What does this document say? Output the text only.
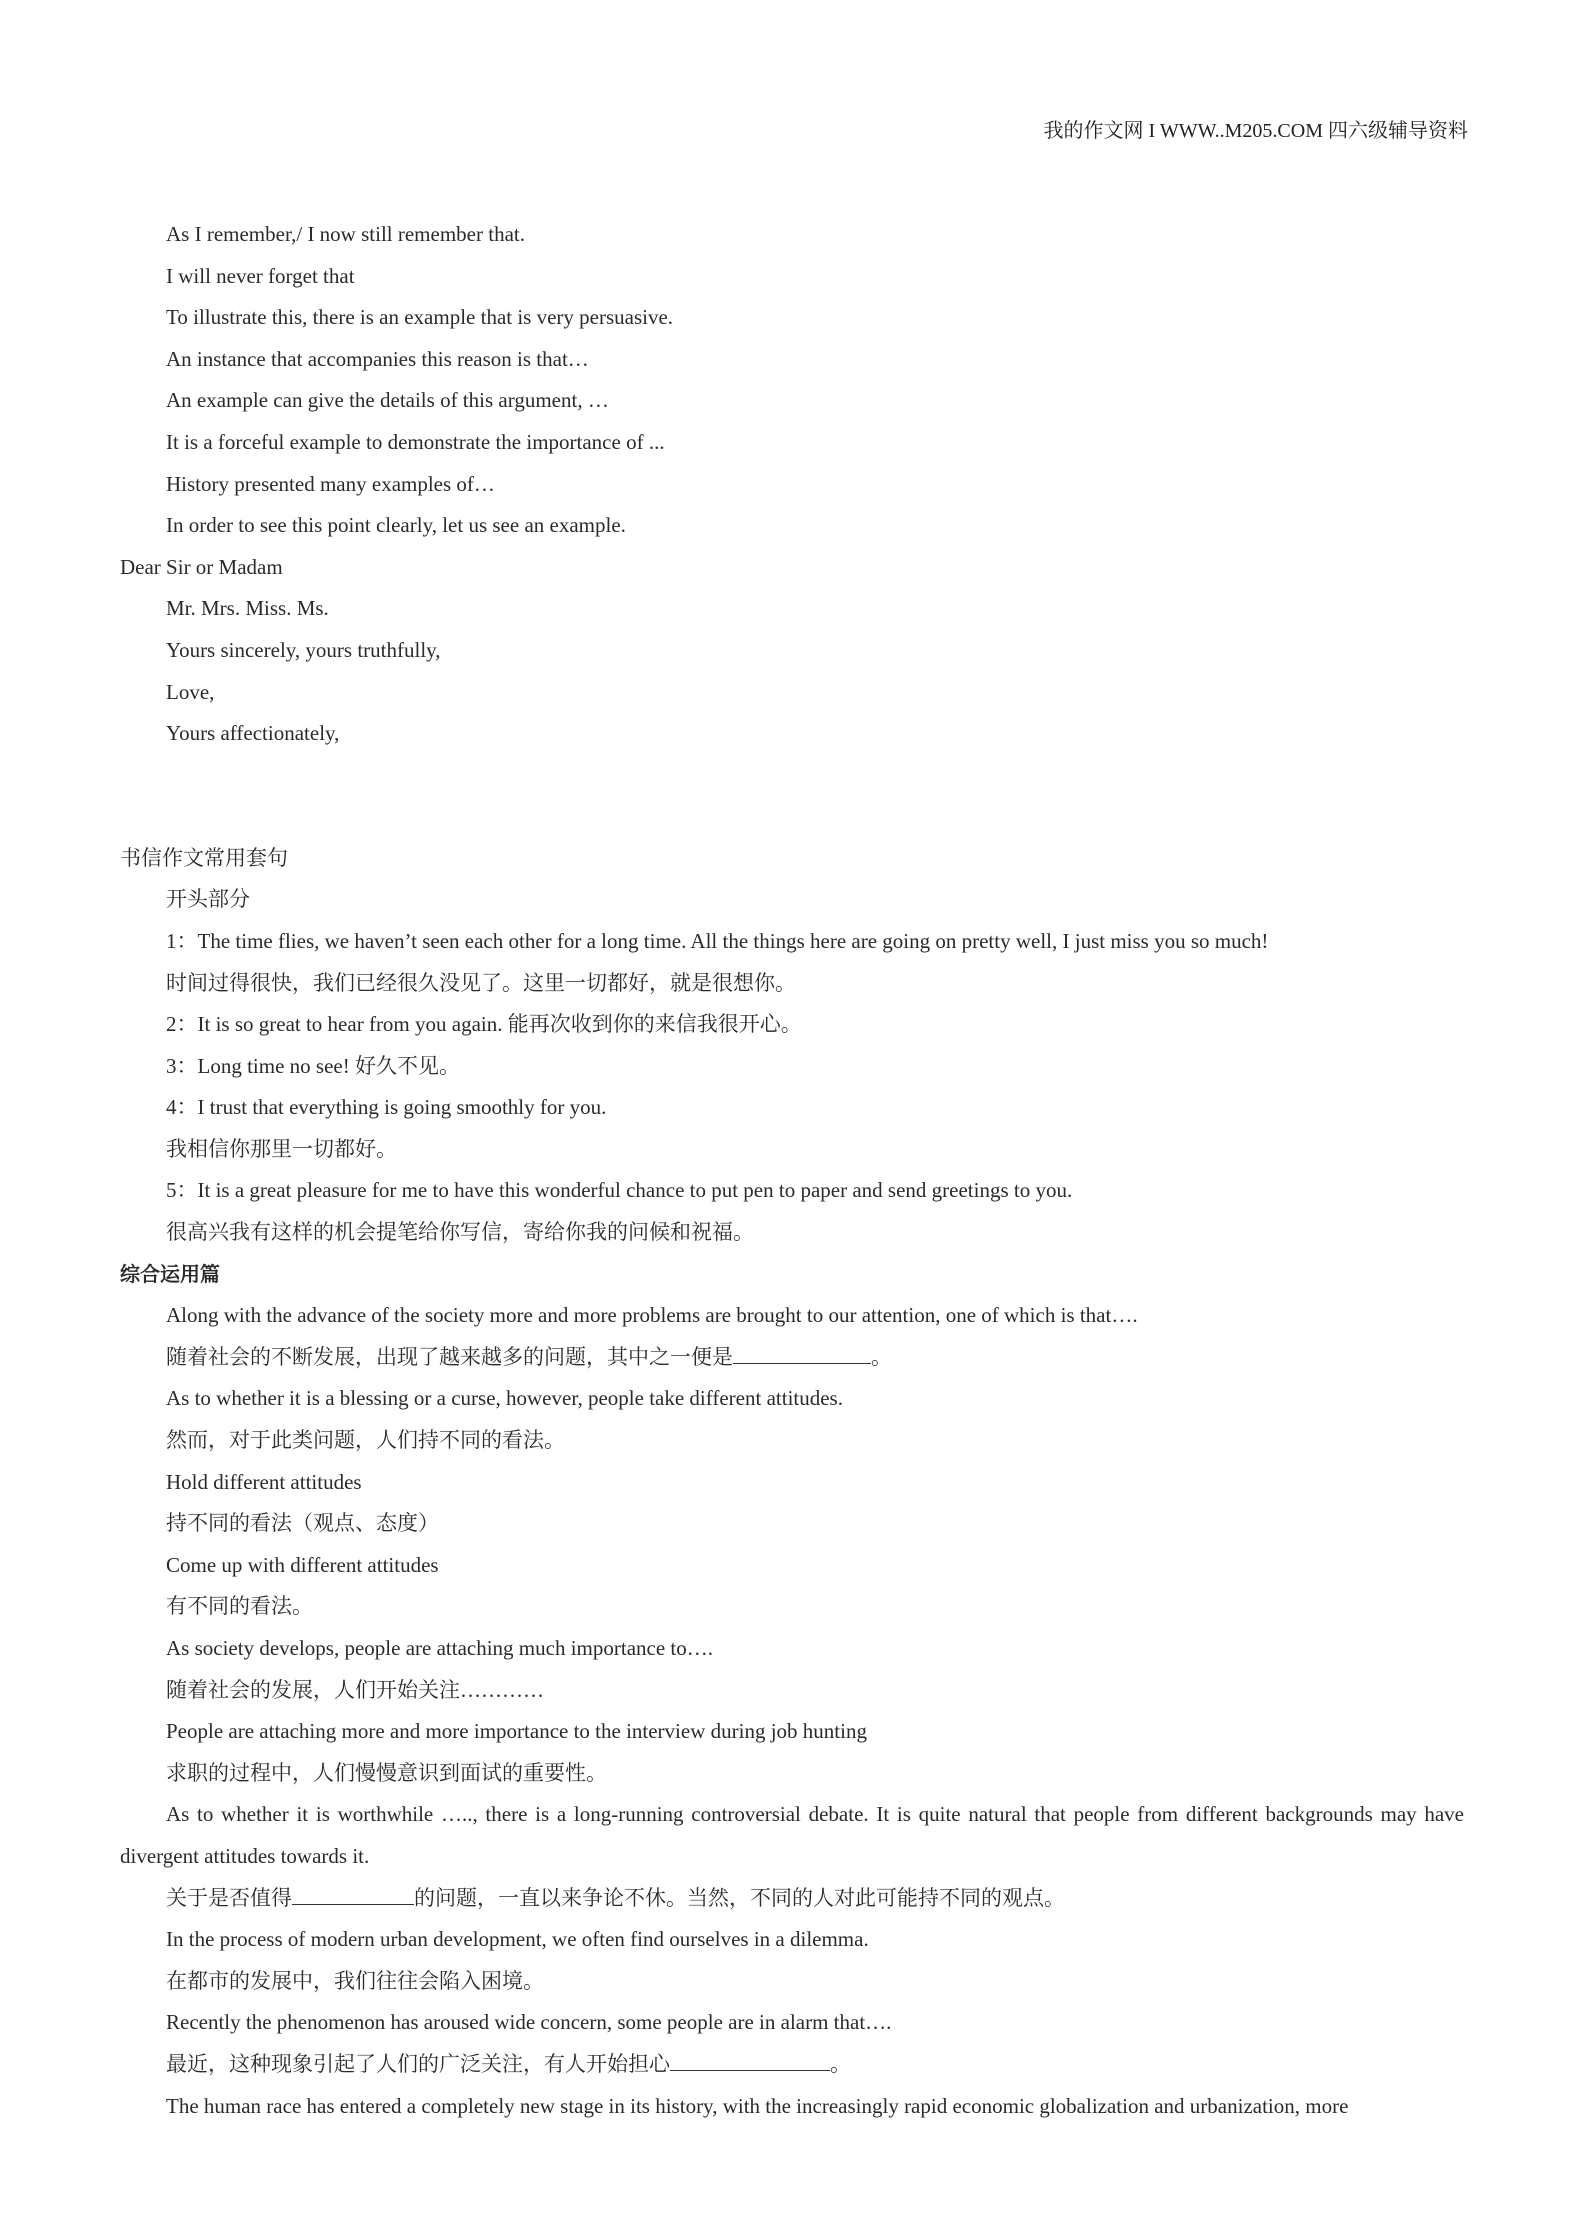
我的作文网 I WWW..M205.COM 四六级辅导资料
As I remember,/ I now still remember that.
I will never forget that
To illustrate this, there is an example that is very persuasive.
An instance that accompanies this reason is that…
An example can give the details of this argument, …
It is a forceful example to demonstrate the importance of ...
History presented many examples of…
In order to see this point clearly, let us see an example.
Dear Sir or Madam
Mr. Mrs. Miss. Ms.
Yours sincerely, yours truthfully,
Love,
Yours affectionately,
书信作文常用套句
开头部分
1：The time flies, we haven’t seen each other for a long time. All the things here are going on pretty well, I just miss you so much!
时间过得很快，我们已经很久没见了。这里一切都好，就是很想你。
2：It is so great to hear from you again. 能再次收到你的来信我很开心。
3：Long time no see! 好久不见。
4：I trust that everything is going smoothly for you.
我相信你那里一切都好。
5：It is a great pleasure for me to have this wonderful chance to put pen to paper and send greetings to you.
很高兴我有这样的机会提笔给你写信，寄给你我的问候和祝福。
综合运用篇
Along with the advance of the society more and more problems are brought to our attention, one of which is that….
随着社会的不断发展，出现了越来越多的问题，其中之一便是	。
As to whether it is a blessing or a curse, however, people take different attitudes.
然而，对于此类问题，人们持不同的看法。
Hold different attitudes
持不同的看法（观点、态度）
Come up with different attitudes
有不同的看法。
As society develops, people are attaching much importance to….
随着社会的发展，人们开始关注…………
People are attaching more and more importance to the interview during job hunting
求职的过程中，人们慢慢意识到面试的重要性。
As to whether it is worthwhile ….., there is a long-running controversial debate. It is quite natural that people from different backgrounds may have divergent attitudes towards it.
关于是否值得	的问题，一直以来争论不休。当然，不同的人对此可能持不同的观点。
In the process of modern urban development, we often find ourselves in a dilemma.
在都市的发展中，我们往往会陷入困境。
Recently the phenomenon has aroused wide concern, some people are in alarm that….
最近，这种现象引起了人们的广泛关注，有人开始担心	。
The human race has entered a completely new stage in its history, with the increasingly rapid economic globalization and urbanization, more
